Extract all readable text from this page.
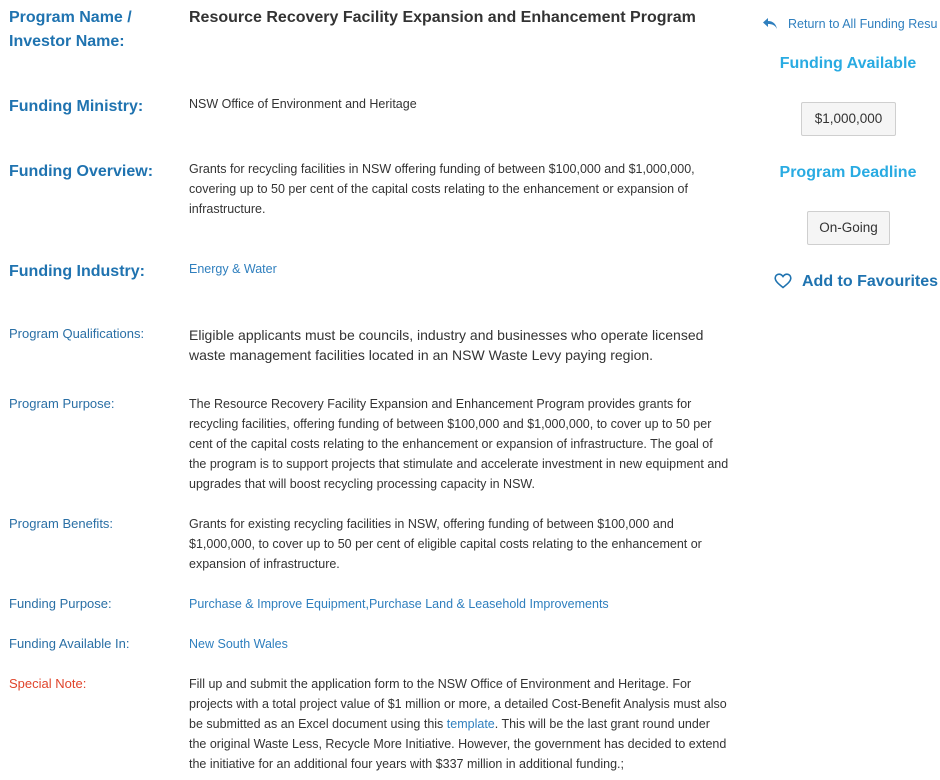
Program Name /
Investor Name:
Funding Ministry:
Funding Overview:
Funding Industry:
Program Qualifications:
Program Purpose:
Program Benefits:
Funding Purpose:
Funding Available In:
Special Note:
Resource Recovery Facility Expansion and Enhancement Program
NSW Office of Environment and Heritage
Grants for recycling facilities in NSW offering funding of between $100,000 and $1,000,000, covering up to 50 per cent of the capital costs relating to the enhancement or expansion of infrastructure.
Energy & Water
Eligible applicants must be councils, industry and businesses who operate licensed waste management facilities located in an NSW Waste Levy paying region.
The Resource Recovery Facility Expansion and Enhancement Program provides grants for recycling facilities, offering funding of between $100,000 and $1,000,000, to cover up to 50 per cent of the capital costs relating to the enhancement or expansion of infrastructure. The goal of the program is to support projects that stimulate and accelerate investment in new equipment and upgrades that will boost recycling processing capacity in NSW.
Grants for existing recycling facilities in NSW, offering funding of between $100,000 and $1,000,000, to cover up to 50 per cent of eligible capital costs relating to the enhancement or expansion of infrastructure.
Purchase & Improve Equipment,Purchase Land & Leasehold Improvements
New South Wales
Fill up and submit the application form to the NSW Office of Environment and Heritage. For projects with a total project value of $1 million or more, a detailed Cost-Benefit Analysis must also be submitted as an Excel document using this template. This will be the last grant round under the original Waste Less, Recycle More Initiative. However, the government has decided to extend the initiative for an additional four years with $337 million in additional funding.;
Return to All Funding Resu
Funding Available
$1,000,000
Program Deadline
On-Going
Add to Favourites
